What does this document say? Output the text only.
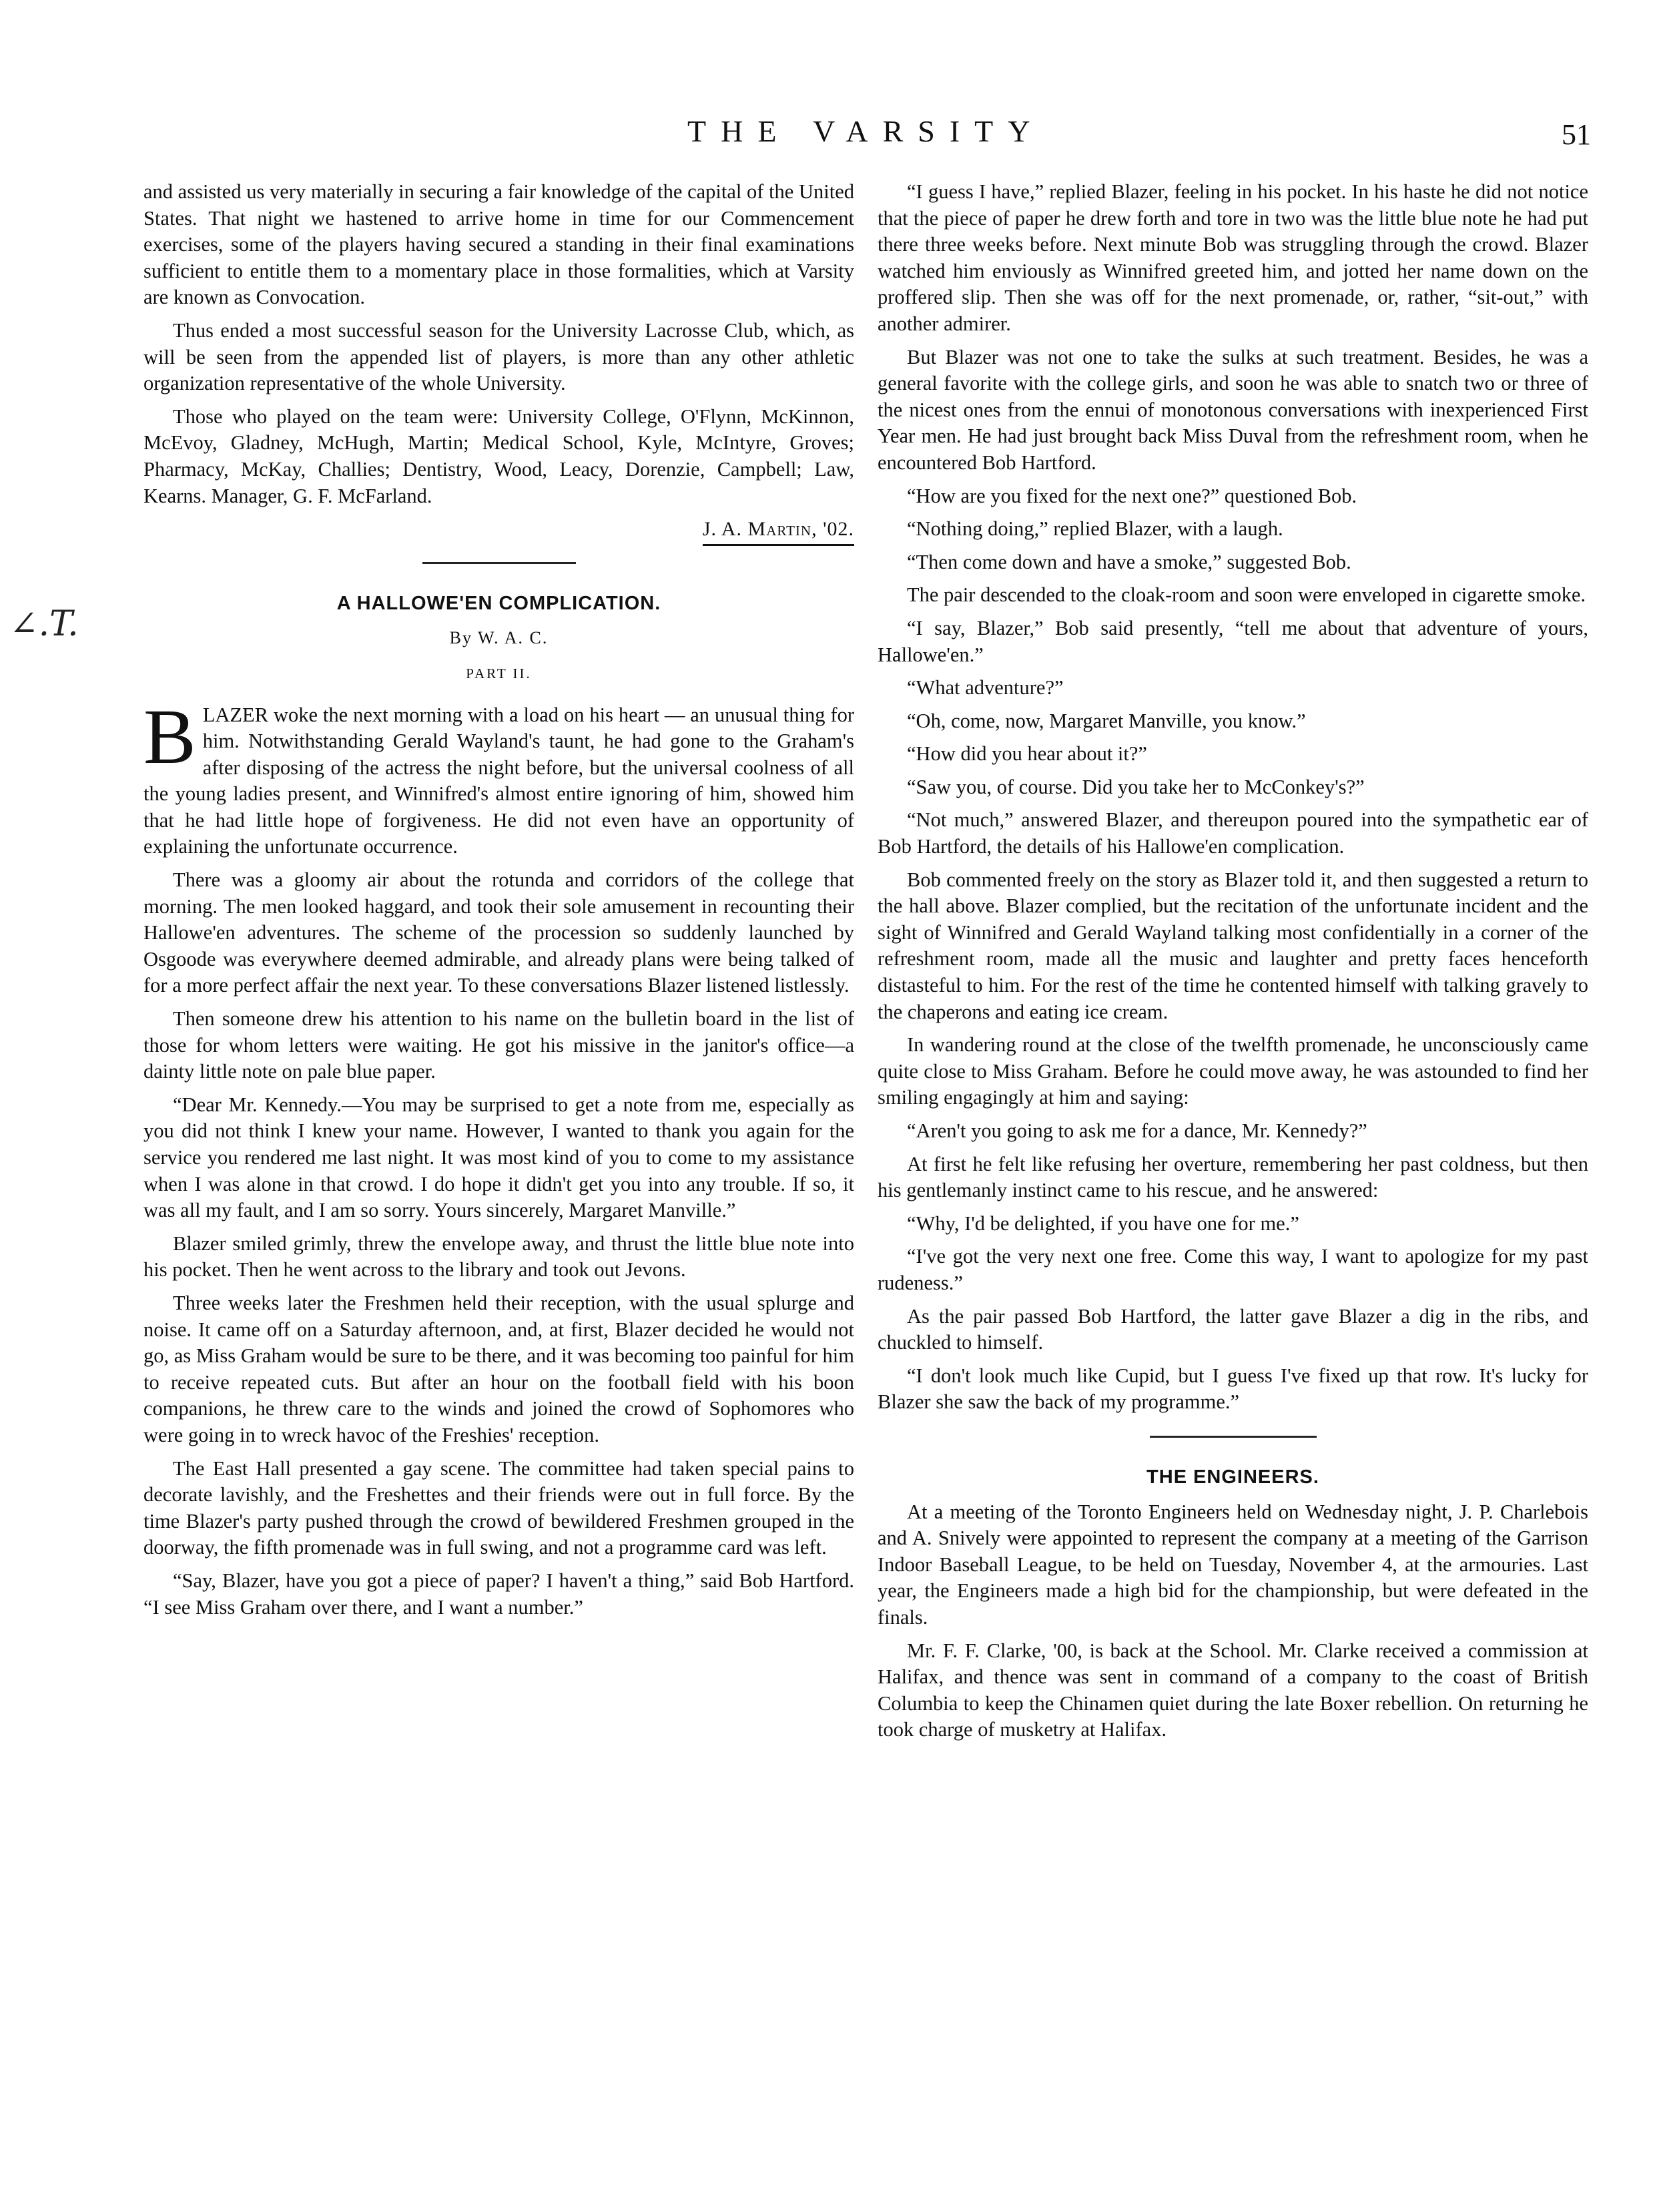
THE VARSITY	51
∠.T.

and assisted us very materially in securing a fair knowledge of the capital of the United States. That night we hastened to arrive home in time for our Commencement exercises, some of the players having secured a standing in their final examinations sufficient to entitle them to a momentary place in those formalities, which at Varsity are known as Convocation.

Thus ended a most successful season for the University Lacrosse Club, which, as will be seen from the appended list of players, is more than any other athletic organization representative of the whole University.

Those who played on the team were: University College, O'Flynn, McKinnon, McEvoy, Gladney, McHugh, Martin; Medical School, Kyle, McIntyre, Groves; Pharmacy, McKay, Challies; Dentistry, Wood, Leacy, Dorenzie, Campbell; Law, Kearns. Manager, G. F. McFarland.

J. A. Martin, '02.
A HALLOWE'EN COMPLICATION.
By W. A. C.
PART II.

BLAZER woke the next morning with a load on his heart — an unusual thing for him. Notwithstanding Gerald Wayland's taunt, he had gone to the Graham's after disposing of the actress the night before, but the universal coolness of all the young ladies present, and Winnifred's almost entire ignoring of him, showed him that he had little hope of forgiveness. He did not even have an opportunity of explaining the unfortunate occurrence.

There was a gloomy air about the rotunda and corridors of the college that morning. The men looked haggard, and took their sole amusement in recounting their Hallowe'en adventures. The scheme of the procession so suddenly launched by Osgoode was everywhere deemed admirable, and already plans were being talked of for a more perfect affair the next year. To these conversations Blazer listened listlessly.

Then someone drew his attention to his name on the bulletin board in the list of those for whom letters were waiting. He got his missive in the janitor's office—a dainty little note on pale blue paper.

“Dear Mr. Kennedy.—You may be surprised to get a note from me, especially as you did not think I knew your name. However, I wanted to thank you again for the service you rendered me last night. It was most kind of you to come to my assistance when I was alone in that crowd. I do hope it didn't get you into any trouble. If so, it was all my fault, and I am so sorry. Yours sincerely, Margaret Manville.”

Blazer smiled grimly, threw the envelope away, and thrust the little blue note into his pocket. Then he went across to the library and took out Jevons.

Three weeks later the Freshmen held their reception, with the usual splurge and noise. It came off on a Saturday afternoon, and, at first, Blazer decided he would not go, as Miss Graham would be sure to be there, and it was becoming too painful for him to receive repeated cuts. But after an hour on the football field with his boon companions, he threw care to the winds and joined the crowd of Sophomores who were going in to wreck havoc of the Freshies' reception.

The East Hall presented a gay scene. The committee had taken special pains to decorate lavishly, and the Freshettes and their friends were out in full force. By the time Blazer's party pushed through the crowd of bewildered Freshmen grouped in the doorway, the fifth promenade was in full swing, and not a programme card was left.

“Say, Blazer, have you got a piece of paper? I haven't a thing,” said Bob Hartford. “I see Miss Graham over there, and I want a number.”

“I guess I have,” replied Blazer, feeling in his pocket. In his haste he did not notice that the piece of paper he drew forth and tore in two was the little blue note he had put there three weeks before. Next minute Bob was struggling through the crowd. Blazer watched him enviously as Winnifred greeted him, and jotted her name down on the proffered slip. Then she was off for the next promenade, or, rather, “sit-out,” with another admirer.

But Blazer was not one to take the sulks at such treatment. Besides, he was a general favorite with the college girls, and soon he was able to snatch two or three of the nicest ones from the ennui of monotonous conversations with inexperienced First Year men. He had just brought back Miss Duval from the refreshment room, when he encountered Bob Hartford.

“How are you fixed for the next one?” questioned Bob.

“Nothing doing,” replied Blazer, with a laugh.

“Then come down and have a smoke,” suggested Bob.

The pair descended to the cloak-room and soon were enveloped in cigarette smoke.

“I say, Blazer,” Bob said presently, “tell me about that adventure of yours, Hallowe'en.”

“What adventure?”

“Oh, come, now, Margaret Manville, you know.”

“How did you hear about it?”

“Saw you, of course. Did you take her to McConkey's?”

“Not much,” answered Blazer, and thereupon poured into the sympathetic ear of Bob Hartford, the details of his Hallowe'en complication.

Bob commented freely on the story as Blazer told it, and then suggested a return to the hall above. Blazer complied, but the recitation of the unfortunate incident and the sight of Winnifred and Gerald Wayland talking most confidentially in a corner of the refreshment room, made all the music and laughter and pretty faces henceforth distasteful to him. For the rest of the time he contented himself with talking gravely to the chaperons and eating ice cream.

In wandering round at the close of the twelfth promenade, he unconsciously came quite close to Miss Graham. Before he could move away, he was astounded to find her smiling engagingly at him and saying:

“Aren't you going to ask me for a dance, Mr. Kennedy?”

At first he felt like refusing her overture, remembering her past coldness, but then his gentlemanly instinct came to his rescue, and he answered:

“Why, I'd be delighted, if you have one for me.”

“I've got the very next one free. Come this way, I want to apologize for my past rudeness.”

As the pair passed Bob Hartford, the latter gave Blazer a dig in the ribs, and chuckled to himself.

“I don't look much like Cupid, but I guess I've fixed up that row. It's lucky for Blazer she saw the back of my programme.”

THE ENGINEERS.

At a meeting of the Toronto Engineers held on Wednesday night, J. P. Charlebois and A. Snively were appointed to represent the company at a meeting of the Garrison Indoor Baseball League, to be held on Tuesday, November 4, at the armouries. Last year, the Engineers made a high bid for the championship, but were defeated in the finals.

Mr. F. F. Clarke, '00, is back at the School. Mr. Clarke received a commission at Halifax, and thence was sent in command of a company to the coast of British Columbia to keep the Chinamen quiet during the late Boxer rebellion. On returning he took charge of musketry at Halifax.
